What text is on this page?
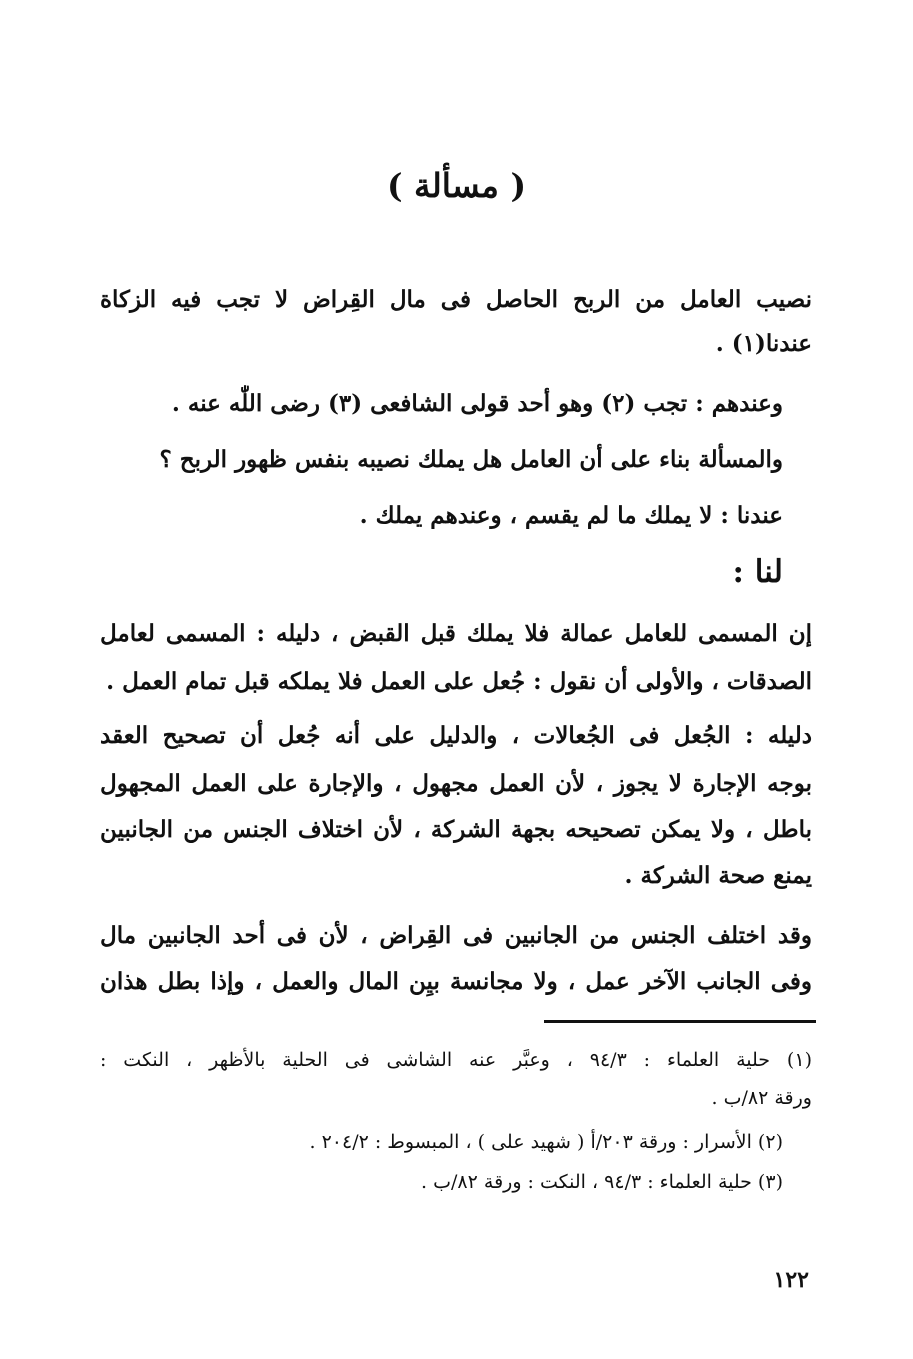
( مسألة )
نصيب العامل من الربح الحاصل فى مال القِراض لا تجب فيه الزكاة
عندنا(١) .
وعندهم : تجب (٢) وهو أحد قولى الشافعى (٣) رضى اللّٰه عنه .
والمسألة بناء على أن العامل هل يملك نصيبه بنفس ظهور الربح ؟
عندنا : لا يملك ما لم يقسم ، وعندهم يملك .
لنا :
إن المسمى للعامل عمالة فلا يملك قبل القبض ، دليله : المسمى لعامل
الصدقات ، والأولى أن نقول : جُعل على العمل فلا يملكه قبل تمام العمل .
دليله : الجُعل فى الجُعالات ، والدليل على أنه جُعل أن تصحيح العقد
بوجه الإجارة لا يجوز ، لأن العمل مجهول ، والإجارة على العمل المجهول
باطل ، ولا يمكن تصحيحه بجهة الشركة ، لأن اختلاف الجنس من الجانبين
يمنع صحة الشركة .
وقد اختلف الجنس من الجانبين فى القِراض ، لأن فى أحد الجانبين مال
وفى الجانب الآخر عمل ، ولا مجانسة بيِن المال والعمل ، وإذا بطل هذان
(١) حلية العلماء : ٩٤/٣ ، وعبَّر عنه الشاشى فى الحلية بالأظهر ، النكت :
ورقة ٨٢/ب .
(٢) الأسرار : ورقة ٢٠٣/أ ( شهيد على ) ، المبسوط : ٢٠٤/٢ .
(٣) حلية العلماء : ٩٤/٣ ، النكت : ورقة ٨٢/ب .
١٢٢
